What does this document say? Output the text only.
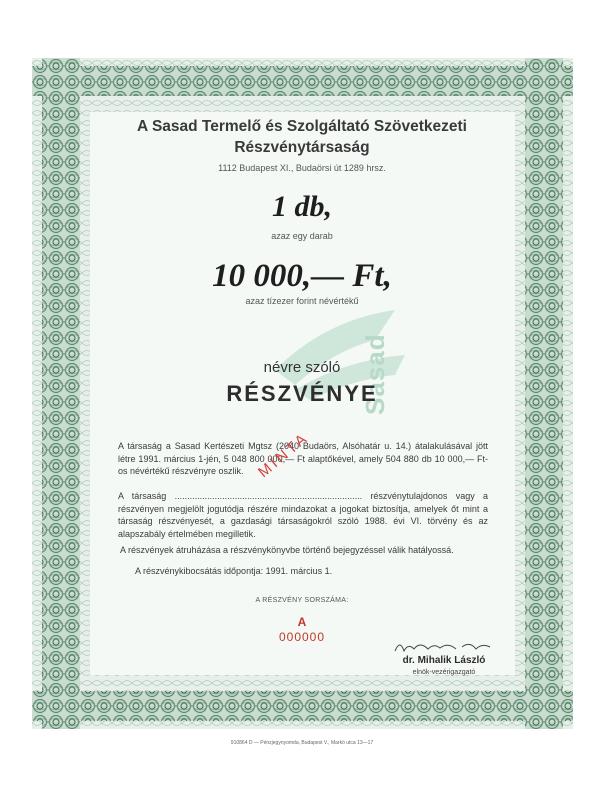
Sasad
A Sasad Termelő és Szolgáltató Szövetkezeti
Részvénytársaság
1112 Budapest XI., Budaörsi út 1289 hrsz.
1 db,
azaz egy darab
10 000,— Ft,
azaz tízezer forint névértékű
névre szóló
RÉSZVÉNYE
A társaság a Sasad Kertészeti Mgtsz (2040 Budaörs, Alsóhatár u. 14.) átalakulásával jött létre 1991. március 1-jén, 5 048 800 000,— Ft alaptőkével, amely 504 880 db 10 000,— Ft-os névértékű részvényre oszlik.
A társaság ........................................................................... részvénytulajdonos vagy a részvényen megjelölt jogutódja részére mindazokat a jogokat biztosítja, amelyek őt mint a társaság részvényesét, a gazdasági társaságokról szóló 1988. évi VI. törvény és az alapszabály értelmében megilletik.
A részvények átruházása a részvénykönyvbe történő bejegyzéssel válik hatályossá.
A részvénykibocsátás időpontja: 1991. március 1.
MINTA
A RÉSZVÉNY SORSZÁMA:
A
000000
dr. Mihalik László
elnök-vezérigazgató
910864 D — Pénzjegynyomda, Budapest V., Markó utca 13—17
